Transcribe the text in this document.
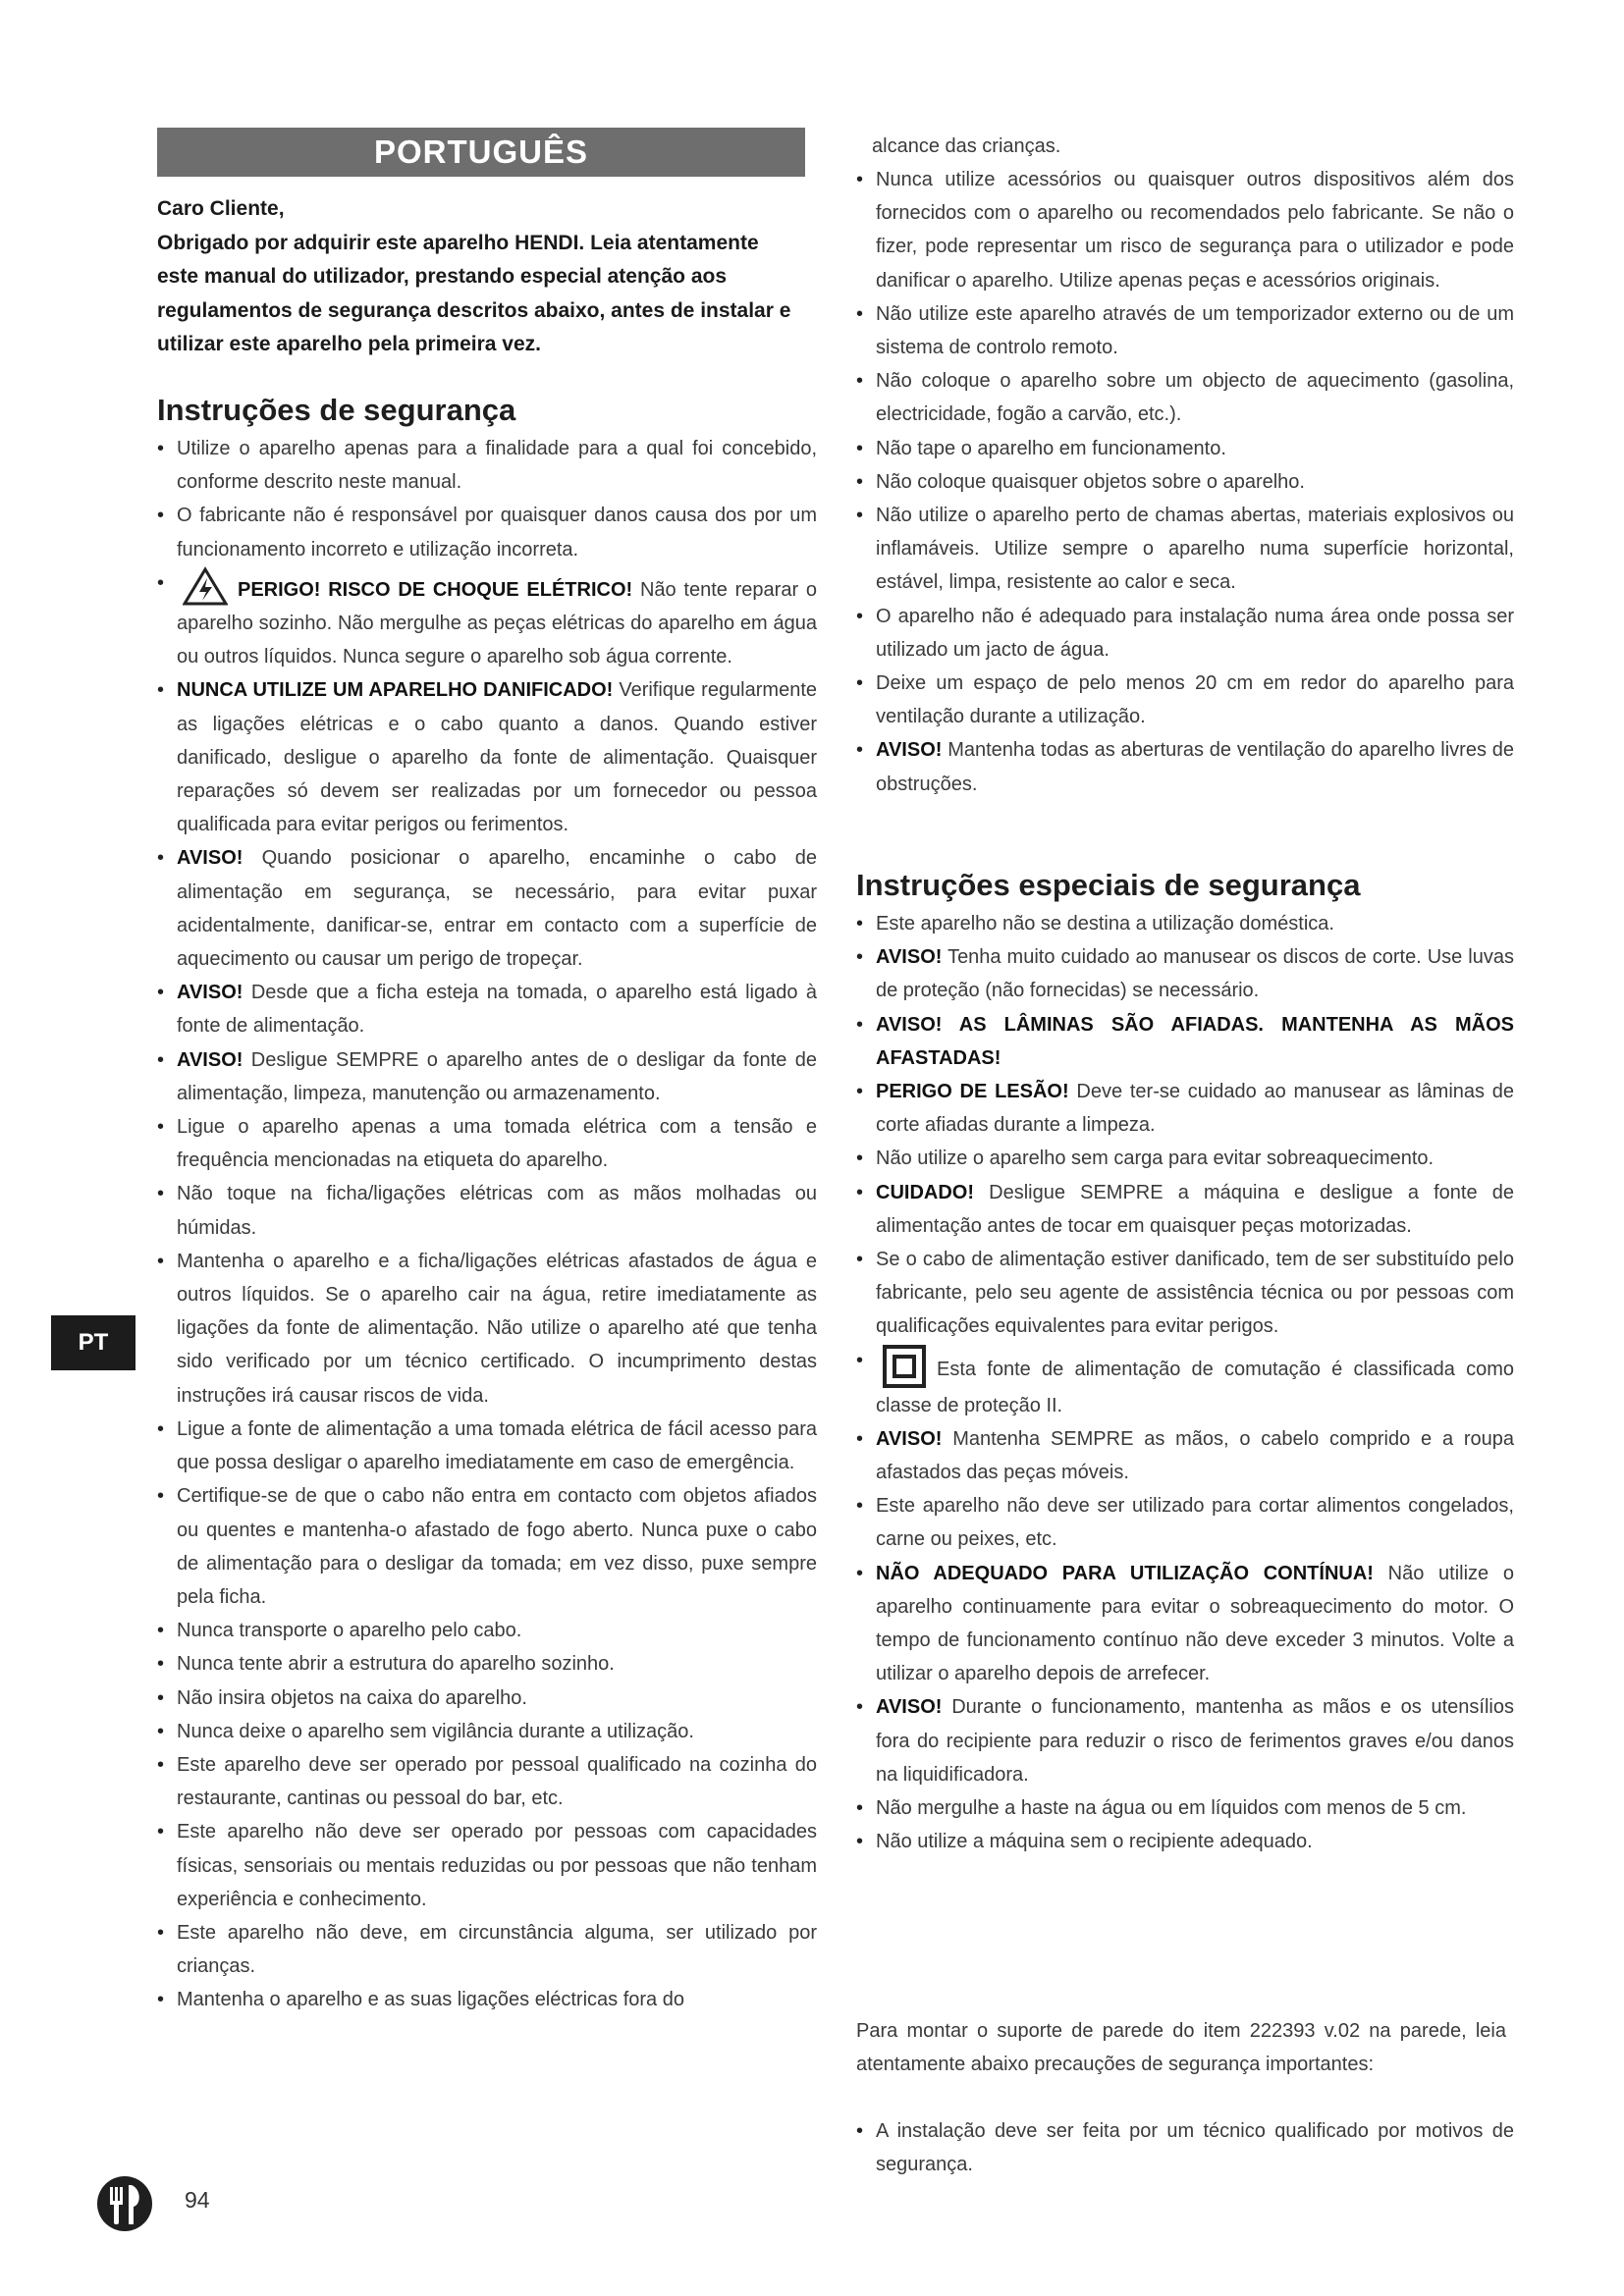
PORTUGUÊS

Caro Cliente,

Obrigado por adquirir este aparelho HENDI. Leia atentamente este manual do utilizador, prestando especial atenção aos regulamentos de segurança descritos abaixo, antes de instalar e utilizar este aparelho pela primeira vez.

Instruções de segurança
• Utilize o aparelho apenas para a finalidade para a qual foi concebido, conforme descrito neste manual.
• O fabricante não é responsável por quaisquer danos causa dos por um funcionamento incorreto e utilização incorreta.
• PERIGO! RISCO DE CHOQUE ELÉTRICO! Não tente reparar o aparelho sozinho. Não mergulhe as peças elétricas do aparelho em água ou outros líquidos. Nunca segure o aparelho sob água corrente.
• NUNCA UTILIZE UM APARELHO DANIFICADO! Verifique regularmente as ligações elétricas e o cabo quanto a danos. Quando estiver danificado, desligue o aparelho da fonte de alimentação. Quaisquer reparações só devem ser realizadas por um fornecedor ou pessoa qualificada para evitar perigos ou ferimentos.
• AVISO! Quando posicionar o aparelho, encaminhe o cabo de alimentação em segurança, se necessário, para evitar puxar acidentalmente, danificar-se, entrar em contacto com a superfície de aquecimento ou causar um perigo de tropeçar.
• AVISO! Desde que a ficha esteja na tomada, o aparelho está ligado à fonte de alimentação.
• AVISO! Desligue SEMPRE o aparelho antes de o desligar da fonte de alimentação, limpeza, manutenção ou armazenamento.
• Ligue o aparelho apenas a uma tomada elétrica com a tensão e frequência mencionadas na etiqueta do aparelho.
• Não toque na ficha/ligações elétricas com as mãos molhadas ou húmidas.
• Mantenha o aparelho e a ficha/ligações elétricas afastados de água e outros líquidos. Se o aparelho cair na água, retire imediatamente as ligações da fonte de alimentação. Não utilize o aparelho até que tenha sido verificado por um técnico certificado. O incumprimento destas instruções irá causar riscos de vida.
• Ligue a fonte de alimentação a uma tomada elétrica de fácil acesso para que possa desligar o aparelho imediatamente em caso de emergência.
• Certifique-se de que o cabo não entra em contacto com objetos afiados ou quentes e mantenha-o afastado de fogo aberto. Nunca puxe o cabo de alimentação para o desligar da tomada; em vez disso, puxe sempre pela ficha.
• Nunca transporte o aparelho pelo cabo.
• Nunca tente abrir a estrutura do aparelho sozinho.
• Não insira objetos na caixa do aparelho.
• Nunca deixe o aparelho sem vigilância durante a utilização.
• Este aparelho deve ser operado por pessoal qualificado na cozinha do restaurante, cantinas ou pessoal do bar, etc.
• Este aparelho não deve ser operado por pessoas com capacidades físicas, sensoriais ou mentais reduzidas ou por pessoas que não tenham experiência e conhecimento.
• Este aparelho não deve, em circunstância alguma, ser utilizado por crianças.
• Mantenha o aparelho e as suas ligações eléctricas fora do

alcance das crianças.

• Nunca utilize acessórios ou quaisquer outros dispositivos além dos fornecidos com o aparelho ou recomendados pelo fabricante. Se não o fizer, pode representar um risco de segurança para o utilizador e pode danificar o aparelho. Utilize apenas peças e acessórios originais.
• Não utilize este aparelho através de um temporizador externo ou de um sistema de controlo remoto.
• Não coloque o aparelho sobre um objecto de aquecimento (gasolina, electricidade, fogão a carvão, etc.).
• Não tape o aparelho em funcionamento.
• Não coloque quaisquer objetos sobre o aparelho.
• Não utilize o aparelho perto de chamas abertas, materiais explosivos ou inflamáveis. Utilize sempre o aparelho numa superfície horizontal, estável, limpa, resistente ao calor e seca.
• O aparelho não é adequado para instalação numa área onde possa ser utilizado um jacto de água.
• Deixe um espaço de pelo menos 20 cm em redor do aparelho para ventilação durante a utilização.
• AVISO! Mantenha todas as aberturas de ventilação do aparelho livres de obstruções.
Instruções especiais de segurança
• Este aparelho não se destina a utilização doméstica.
• AVISO! Tenha muito cuidado ao manusear os discos de corte. Use luvas de proteção (não fornecidas) se necessário.
• AVISO! AS LÂMINAS SÃO AFIADAS. MANTENHA AS MÃOS AFASTADAS!
• PERIGO DE LESÃO! Deve ter-se cuidado ao manusear as lâminas de corte afiadas durante a limpeza.
• Não utilize o aparelho sem carga para evitar sobreaquecimento.
• CUIDADO! Desligue SEMPRE a máquina e desligue a fonte de alimentação antes de tocar em quaisquer peças motorizadas.
• Se o cabo de alimentação estiver danificado, tem de ser substituído pelo fabricante, pelo seu agente de assistência técnica ou por pessoas com qualificações equivalentes para evitar perigos.
• Esta fonte de alimentação de comutação é classificada como classe de proteção II.
• AVISO! Mantenha SEMPRE as mãos, o cabelo comprido e a roupa afastados das peças móveis.
• Este aparelho não deve ser utilizado para cortar alimentos congelados, carne ou peixes, etc.
• NÃO ADEQUADO PARA UTILIZAÇÃO CONTÍNUA! Não utilize o aparelho continuamente para evitar o sobreaquecimento do motor. O tempo de funcionamento contínuo não deve exceder 3 minutos. Volte a utilizar o aparelho depois de arrefecer.
• AVISO! Durante o funcionamento, mantenha as mãos e os utensílios fora do recipiente para reduzir o risco de ferimentos graves e/ou danos na liquidificadora.
• Não mergulhe a haste na água ou em líquidos com menos de 5 cm.
• Não utilize a máquina sem o recipiente adequado.

Para montar o suporte de parede do item 222393 v.02 na parede, leia atentamente abaixo precauções de segurança importantes:

• A instalação deve ser feita por um técnico qualificado por motivos de segurança.
PT
94
